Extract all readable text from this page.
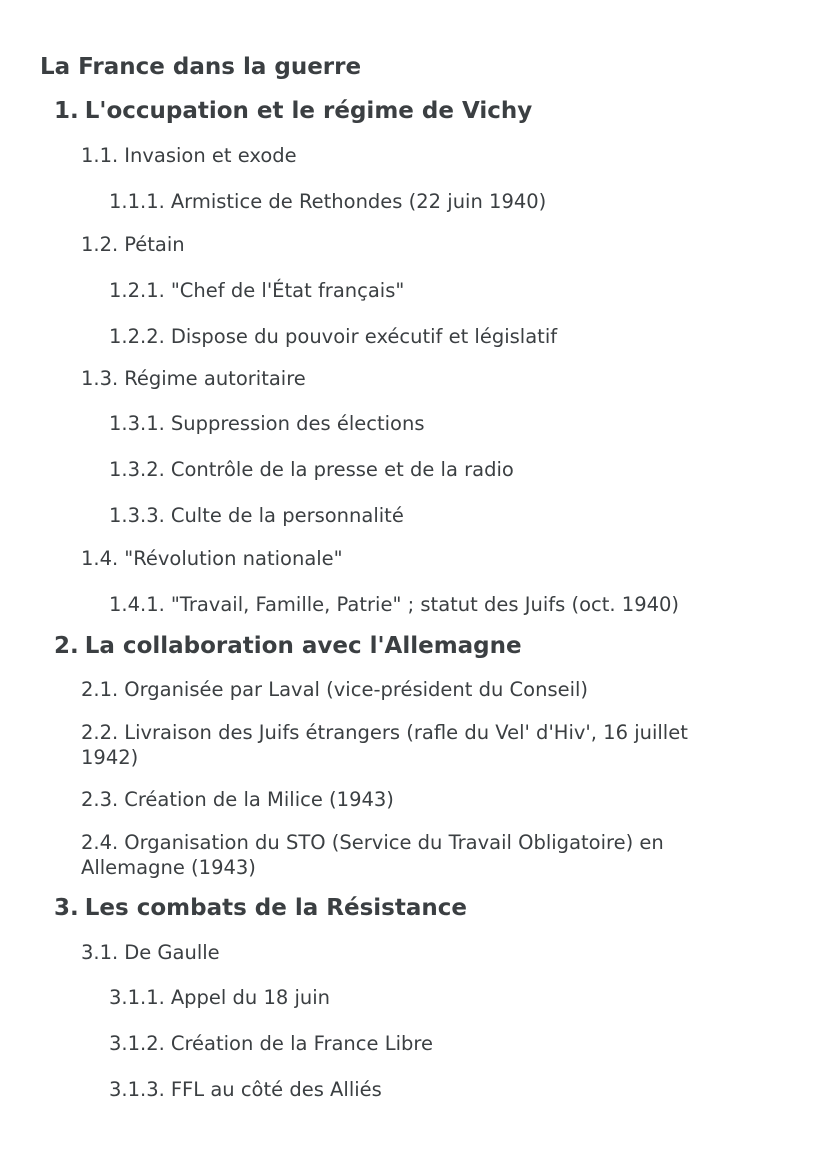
La France dans la guerre
1. L'occupation et le régime de Vichy
1.1. Invasion et exode
1.1.1. Armistice de Rethondes (22 juin 1940)
1.2. Pétain
1.2.1. "Chef de l'État français"
1.2.2. Dispose du pouvoir exécutif et législatif
1.3. Régime autoritaire
1.3.1. Suppression des élections
1.3.2. Contrôle de la presse et de la radio
1.3.3. Culte de la personnalité
1.4. "Révolution nationale"
1.4.1. "Travail, Famille, Patrie" ; statut des Juifs (oct. 1940)
2. La collaboration avec l'Allemagne
2.1. Organisée par Laval (vice-président du Conseil)
2.2. Livraison des Juifs étrangers (rafle du Vel' d'Hiv', 16 juillet 1942)
2.3. Création de la Milice (1943)
2.4. Organisation du STO (Service du Travail Obligatoire) en Allemagne (1943)
3. Les combats de la Résistance
3.1. De Gaulle
3.1.1. Appel du 18 juin
3.1.2. Création de la France Libre
3.1.3. FFL au côté des Alliés
